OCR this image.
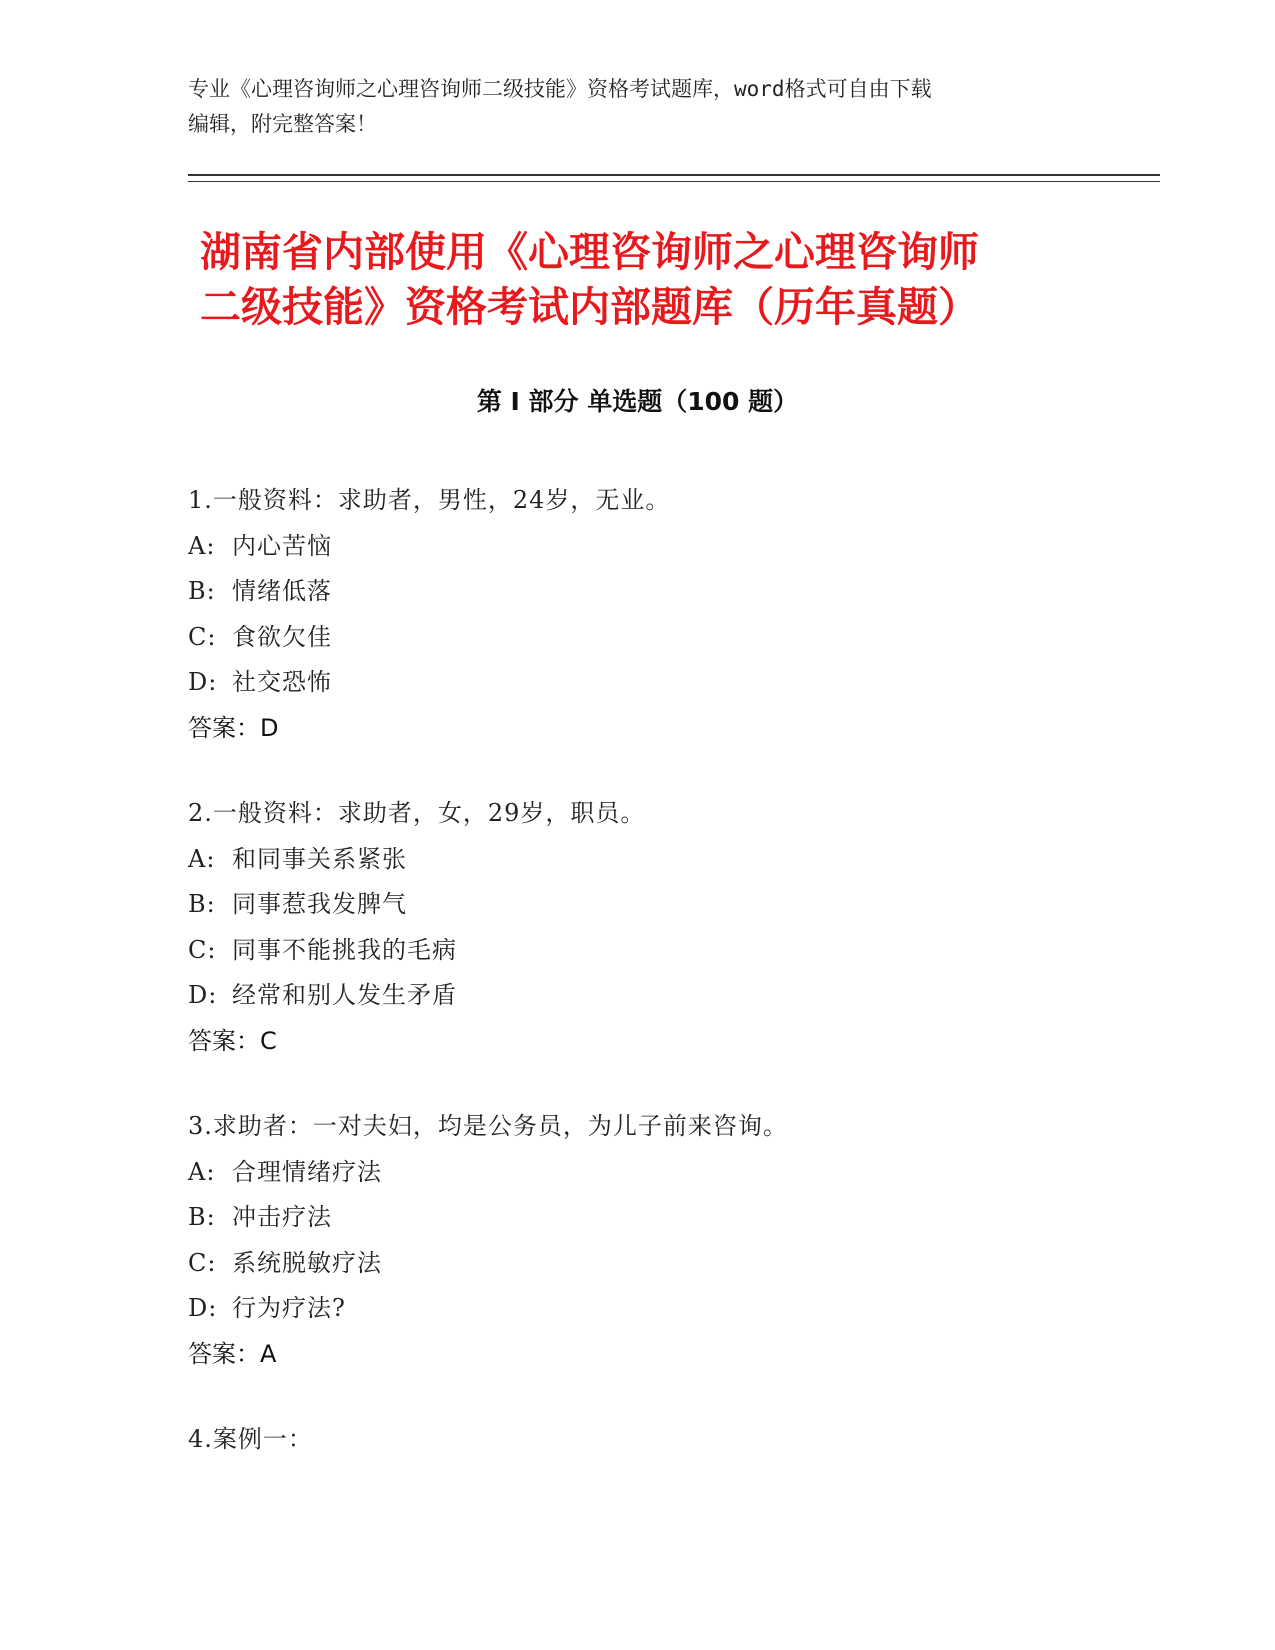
专业《心理咨询师之心理咨询师二级技能》资格考试题库，word格式可自由下载
编辑，附完整答案！
湖南省内部使用《心理咨询师之心理咨询师
二级技能》资格考试内部题库（历年真题）
第 I 部分 单选题（100 题）
1.一般资料：求助者，男性，24岁，无业。
A: 内心苦恼
B: 情绪低落
C: 食欲欠佳
D: 社交恐怖
答案：D
2.一般资料：求助者，女，29岁，职员。
A: 和同事关系紧张
B: 同事惹我发脾气
C: 同事不能挑我的毛病
D: 经常和别人发生矛盾
答案：C
3.求助者：一对夫妇，均是公务员，为儿子前来咨询。
A: 合理情绪疗法
B: 冲击疗法
C: 系统脱敏疗法
D: 行为疗法?
答案：A
4.案例一：
